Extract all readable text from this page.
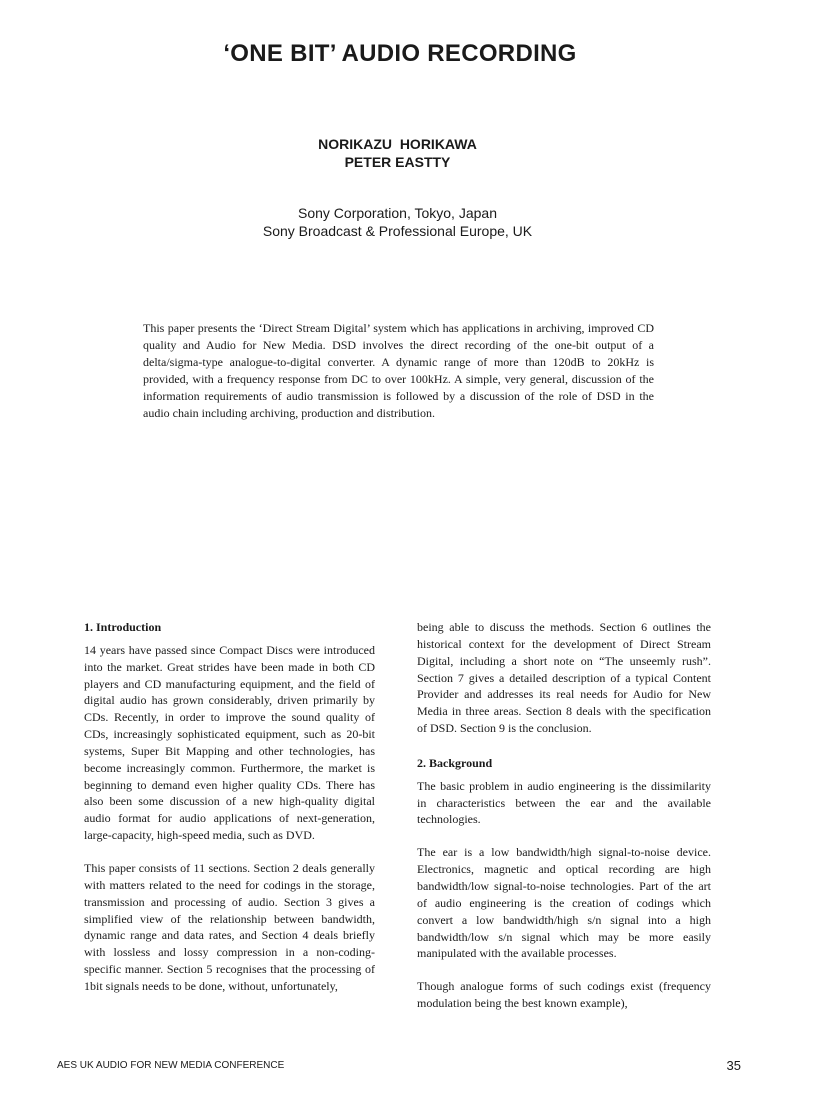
‘ONE BIT’ AUDIO RECORDING
NORIKAZU  HORIKAWA
PETER EASTTY
Sony Corporation, Tokyo, Japan
Sony Broadcast & Professional Europe, UK

This paper presents the ‘Direct Stream Digital’ system which has applications in archiving, improved CD quality and Audio for New Media. DSD involves the direct recording of the one-bit output of a delta/sigma-type analogue-to-digital converter. A dynamic range of more than 120dB to 20kHz is provided, with a frequency response from DC to over 100kHz. A simple, very general, discussion of the information requirements of audio transmission is followed by a discussion of the role of DSD in the audio chain including archiving, production and distribution.

1. Introduction

14 years have passed since Compact Discs were introduced into the market. Great strides have been made in both CD players and CD manufacturing equipment, and the field of digital audio has grown considerably, driven primarily by CDs. Recently, in order to improve the sound quality of CDs, increasingly sophisticated equipment, such as 20-bit systems, Super Bit Mapping and other technologies, has become increasingly common. Furthermore, the market is beginning to demand even higher quality CDs. There has also been some discussion of a new high-quality digital audio format for audio applications of next-generation, large-capacity, high-speed media, such as DVD.

This paper consists of 11 sections. Section 2 deals generally with matters related to the need for codings in the storage, transmission and processing of audio. Section 3 gives a simplified view of the relationship between bandwidth, dynamic range and data rates, and Section 4 deals briefly with lossless and lossy compression in a non-coding-specific manner. Section 5 recognises that the processing of 1bit signals needs to be done, without, unfortunately,

being able to discuss the methods. Section 6 outlines the historical context for the development of Direct Stream Digital, including a short note on “The unseemly rush”. Section 7 gives a detailed description of a typical Content Provider and addresses its real needs for Audio for New Media in three areas. Section 8 deals with the specification of DSD. Section 9 is the conclusion.

2. Background

The basic problem in audio engineering is the dissimilarity in characteristics between the ear and the available technologies.

The ear is a low bandwidth/high signal-to-noise device. Electronics, magnetic and optical recording are high bandwidth/low signal-to-noise technologies. Part of the art of audio engineering is the creation of codings which convert a low bandwidth/high s/n signal into a high bandwidth/low s/n signal which may be more easily manipulated with the available processes.

Though analogue forms of such codings exist (frequency modulation being the best known example),

AES UK AUDIO FOR NEW MEDIA CONFERENCE	35
